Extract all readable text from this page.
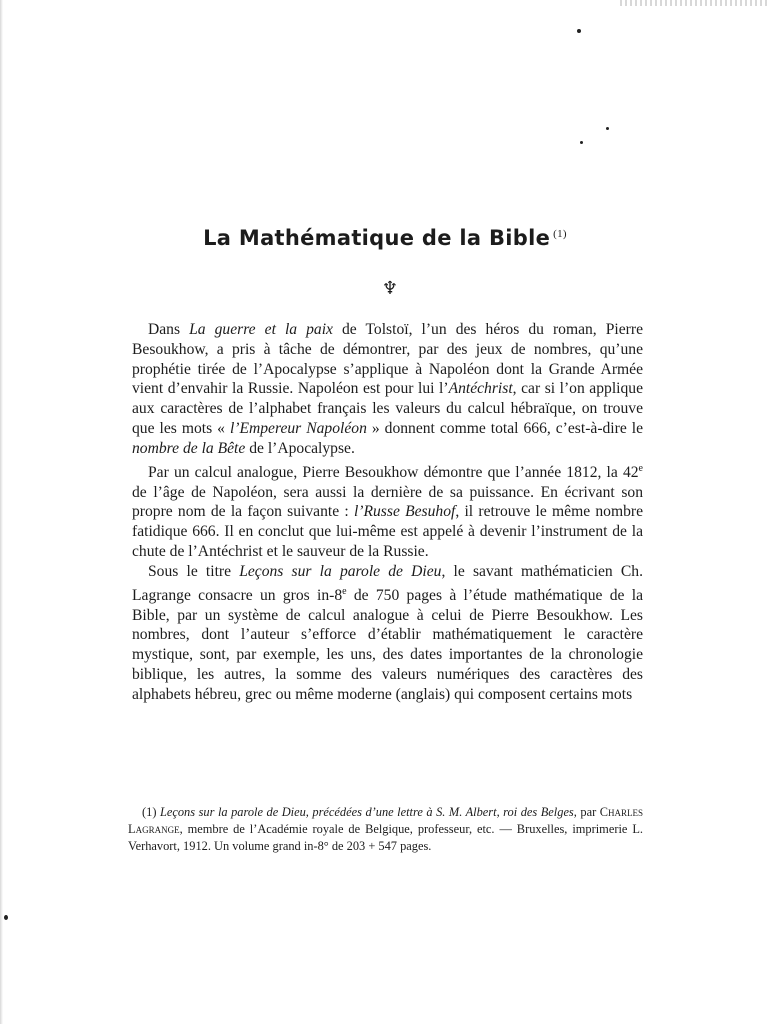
La Mathématique de la Bible $^{(1)}$
♆

Dans La guerre et la paix de Tolstoï, l’un des héros du roman, Pierre Besoukhow, a pris à tâche de démontrer, par des jeux de nombres, qu’une prophétie tirée de l’Apocalypse s’applique à Napoléon dont la Grande Armée vient d’envahir la Russie. Napoléon est pour lui l’Antéchrist, car si l’on applique aux caractères de l’alphabet français les valeurs du calcul hébraïque, on trouve que les mots « l’Empereur Napoléon » donnent comme total 666, c’est-à-dire le nombre de la Bête de l’Apocalypse.

Par un calcul analogue, Pierre Besoukhow démontre que l’année 1812, la 42e de l’âge de Napoléon, sera aussi la dernière de sa puissance. En écrivant son propre nom de la façon suivante : l’Russe Besuhof, il retrouve le même nombre fatidique 666. Il en conclut que lui-même est appelé à devenir l’instrument de la chute de l’Antéchrist et le sauveur de la Russie.

Sous le titre Leçons sur la parole de Dieu, le savant mathématicien Ch. Lagrange consacre un gros in-8e de 750 pages à l’étude mathématique de la Bible, par un système de calcul analogue à celui de Pierre Besoukhow. Les nombres, dont l’auteur s’efforce d’établir mathématiquement le caractère mystique, sont, par exemple, les uns, des dates importantes de la chronologie biblique, les autres, la somme des valeurs numériques des caractères des alphabets hébreu, grec ou même moderne (anglais) qui composent certains mots

(1) Leçons sur la parole de Dieu, précédées d’une lettre à S. M. Albert, roi des Belges, par Charles Lagrange, membre de l’Académie royale de Belgique, professeur, etc. — Bruxelles, imprimerie L. Verhavort, 1912. Un volume grand in-8° de 203 + 547 pages.
